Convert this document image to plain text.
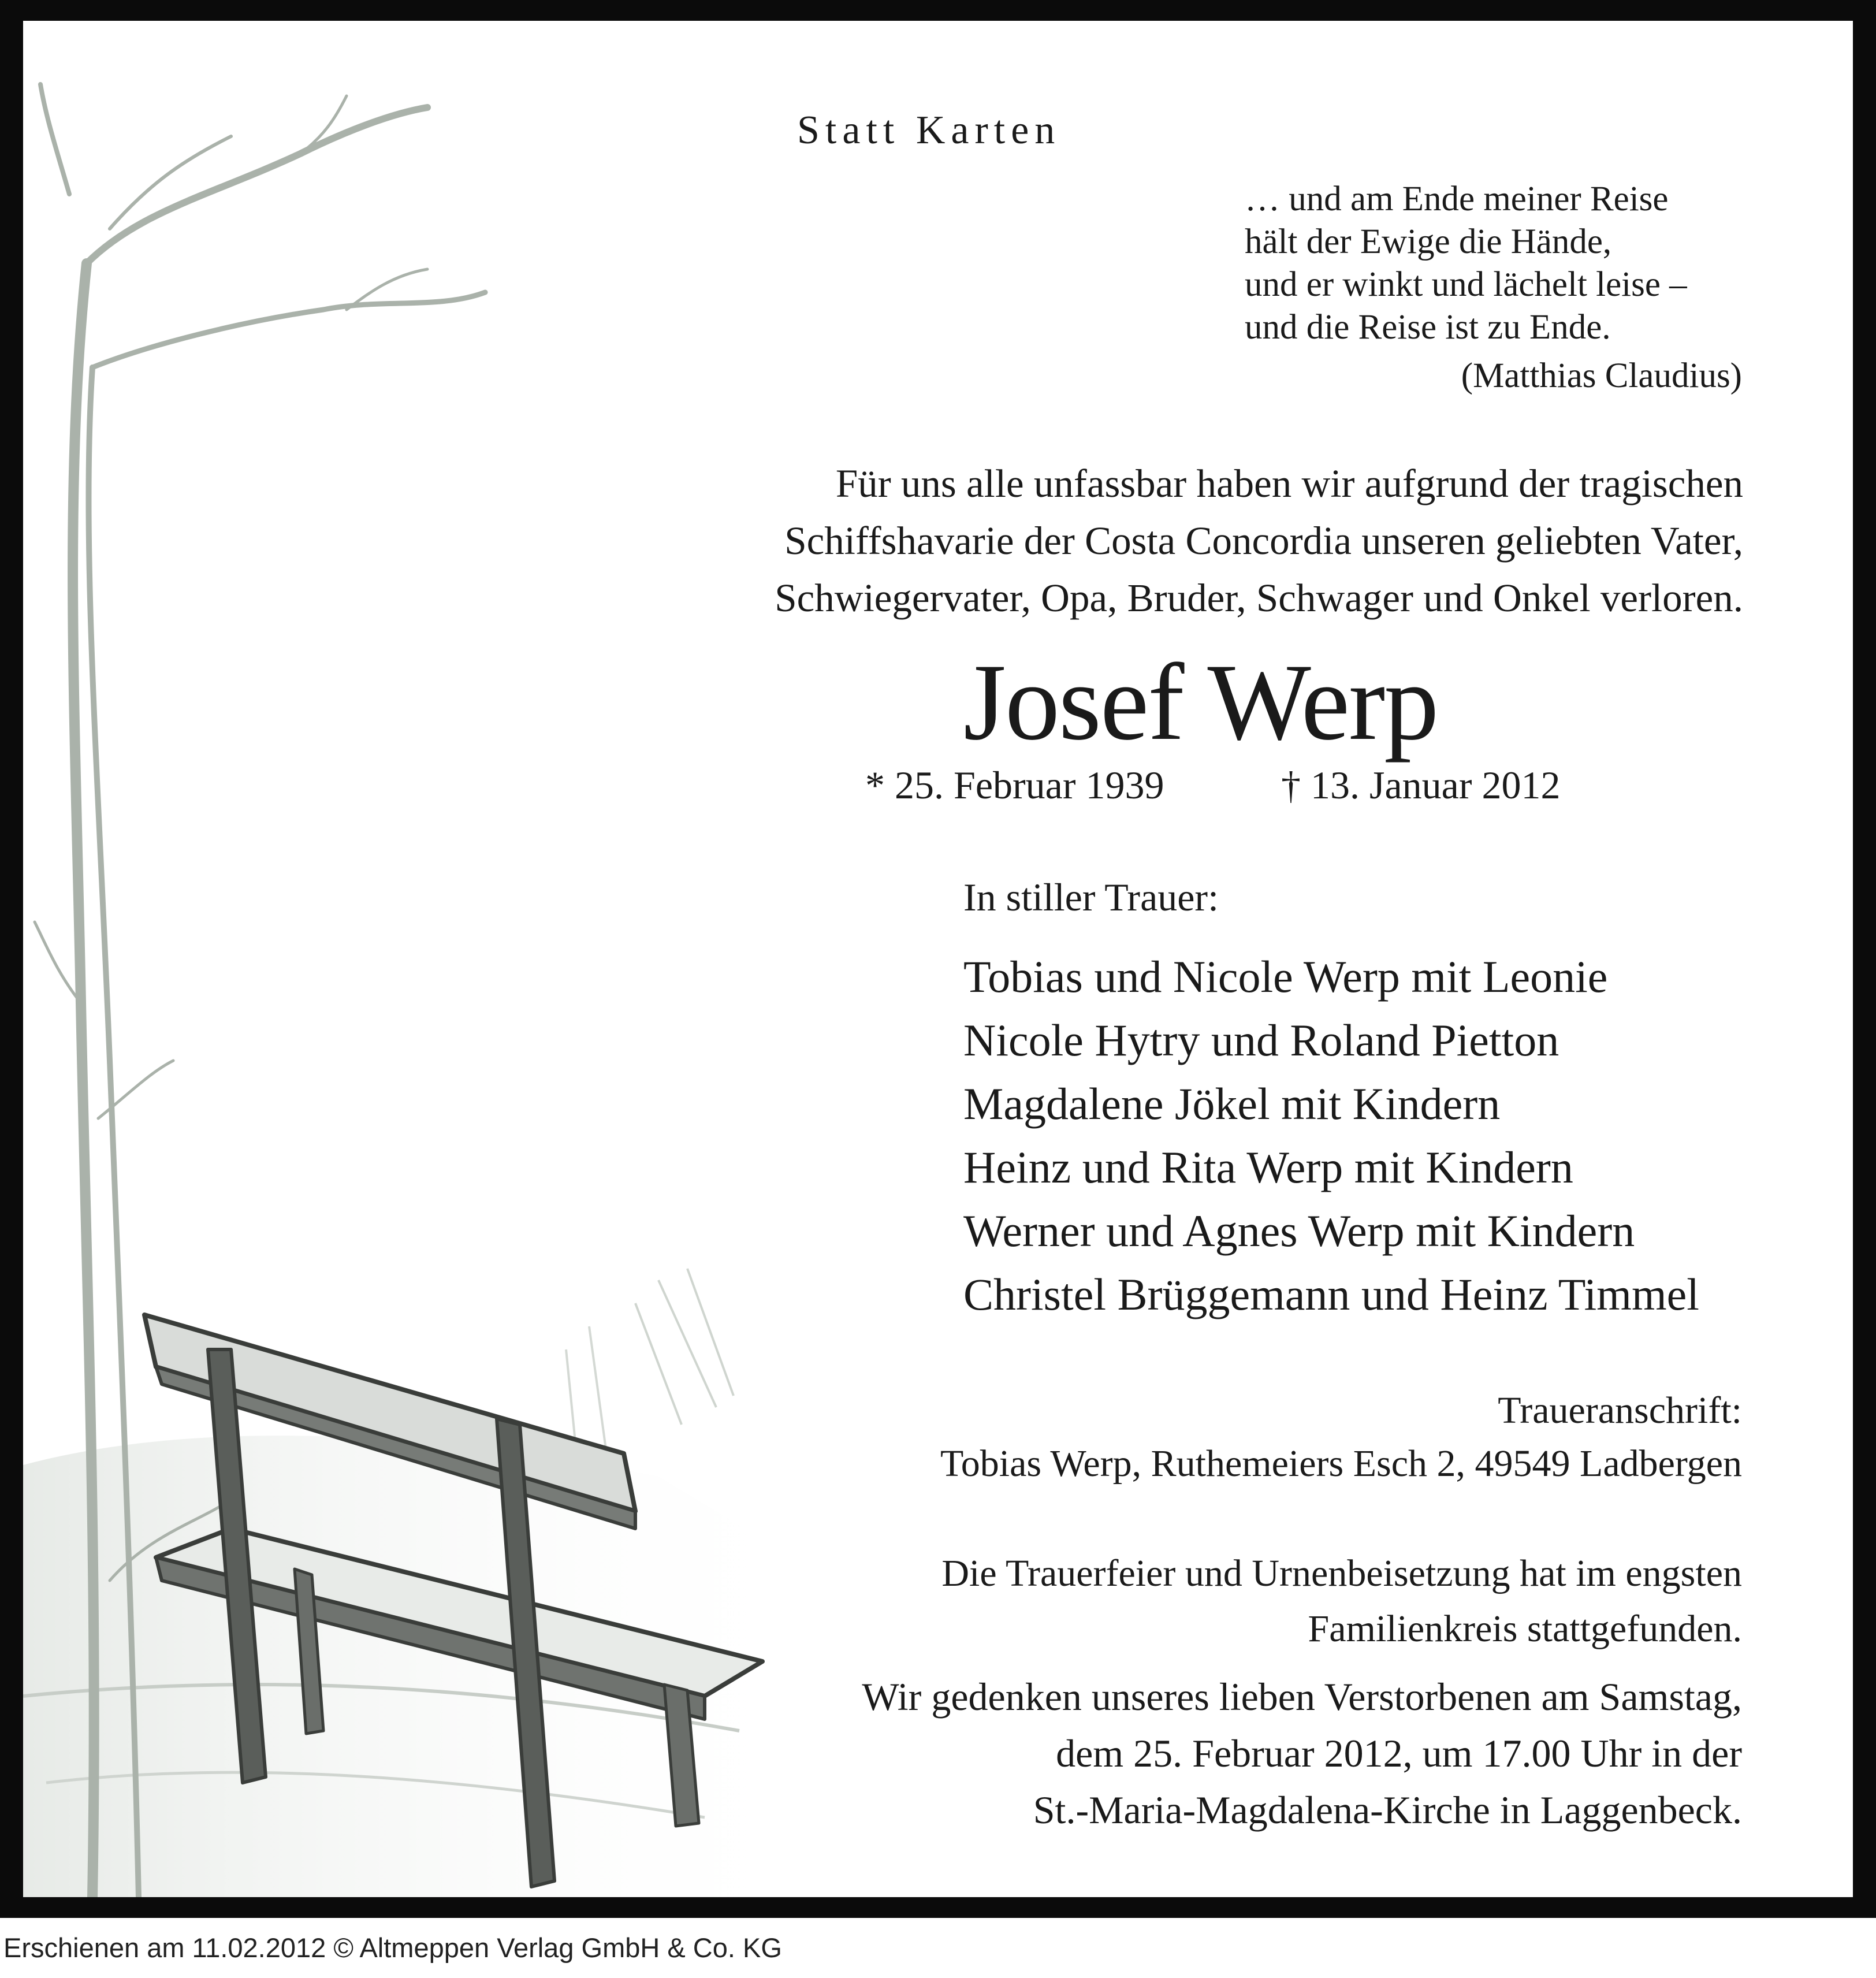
Statt Karten
… und am Ende meiner Reise
hält der Ewige die Hände,
und er winkt und lächelt leise –
und die Reise ist zu Ende.
(Matthias Claudius)
Für uns alle unfassbar haben wir aufgrund der tragischen
Schiffshavarie der Costa Concordia unseren geliebten Vater,
Schwiegervater, Opa, Bruder, Schwager und Onkel verloren.
Josef Werp
* 25. Februar 1939	† 13. Januar 2012
In stiller Trauer:
Tobias und Nicole Werp mit Leonie
Nicole Hytry und Roland Pietton
Magdalene Jökel mit Kindern
Heinz und Rita Werp mit Kindern
Werner und Agnes Werp mit Kindern
Christel Brüggemann und Heinz Timmel
Traueranschrift:
Tobias Werp, Ruthemeiers Esch 2, 49549 Ladbergen
Die Trauerfeier und Urnenbeisetzung hat im engsten
Familienkreis stattgefunden.
Wir gedenken unseres lieben Verstorbenen am Samstag,
dem 25. Februar 2012, um 17.00 Uhr in der
St.-Maria-Magdalena-Kirche in Laggenbeck.
Erschienen am 11.02.2012 © Altmeppen Verlag GmbH & Co. KG
